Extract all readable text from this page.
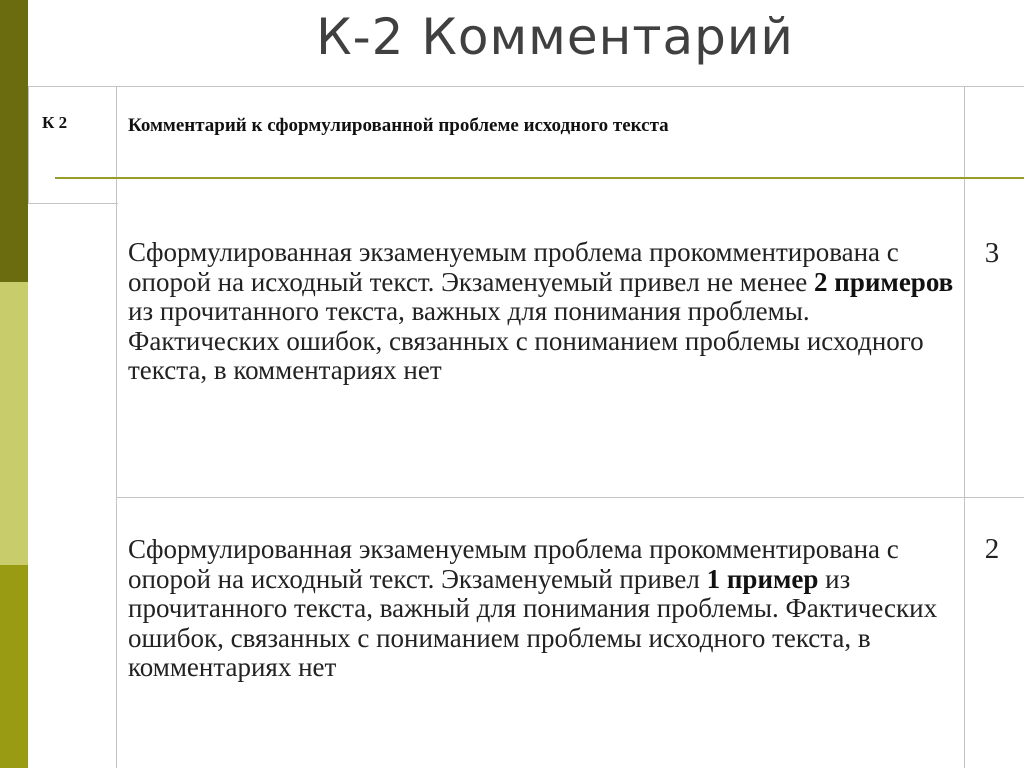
К-2 Комментарий
К 2	Комментарий к сформулированной проблеме исходного текста
Сформулированная экзаменуемым проблема прокомментирована с опорой на исходный текст. Экзаменуемый привел не менее 2 примеров из прочитанного текста, важных для понимания проблемы. Фактических ошибок, связанных с пониманием проблемы исходного текста, в комментариях нет
3
Сформулированная экзаменуемым проблема прокомментирована с опорой на исходный текст. Экзаменуемый привел 1 пример из прочитанного текста, важный для понимания проблемы. Фактических ошибок, связанных с пониманием проблемы исходного текста, в комментариях нет
2
